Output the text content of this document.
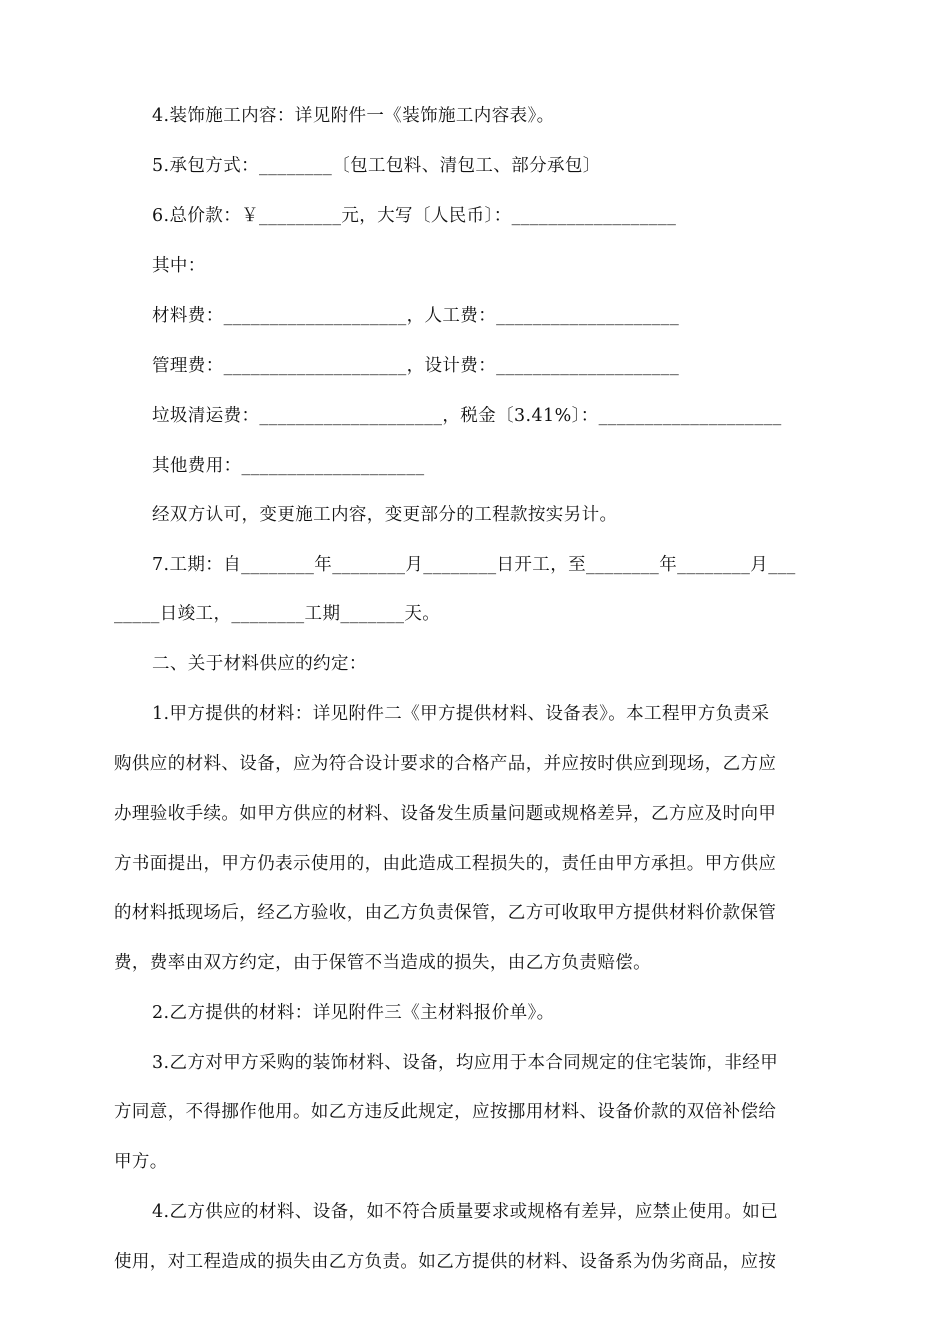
4.装饰施工内容：详见附件一《装饰施工内容表》。
5.承包方式：________〔包工包料、清包工、部分承包〕
6.总价款：￥_________元，大写〔人民币〕：__________________
其中：
材料费：____________________，人工费：____________________
管理费：____________________，设计费：____________________
垃圾清运费：____________________，税金〔3.41%〕：____________________
其他费用：____________________
经双方认可，变更施工内容，变更部分的工程款按实另计。
7.工期：自________年________月________日开工，至________年________月___
_____日竣工，________工期_______天。
二、关于材料供应的约定：
1.甲方提供的材料：详见附件二《甲方提供材料、设备表》。本工程甲方负责采
购供应的材料、设备，应为符合设计要求的合格产品，并应按时供应到现场，乙方应
办理验收手续。如甲方供应的材料、设备发生质量问题或规格差异，乙方应及时向甲
方书面提出，甲方仍表示使用的，由此造成工程损失的，责任由甲方承担。甲方供应
的材料抵现场后，经乙方验收，由乙方负责保管，乙方可收取甲方提供材料价款保管
费，费率由双方约定，由于保管不当造成的损失，由乙方负责赔偿。
2.乙方提供的材料：详见附件三《主材料报价单》。
3.乙方对甲方采购的装饰材料、设备，均应用于本合同规定的住宅装饰，非经甲
方同意，不得挪作他用。如乙方违反此规定，应按挪用材料、设备价款的双倍补偿给
甲方。
4.乙方供应的材料、设备，如不符合质量要求或规格有差异，应禁止使用。如已
使用，对工程造成的损失由乙方负责。如乙方提供的材料、设备系为伪劣商品，应按
